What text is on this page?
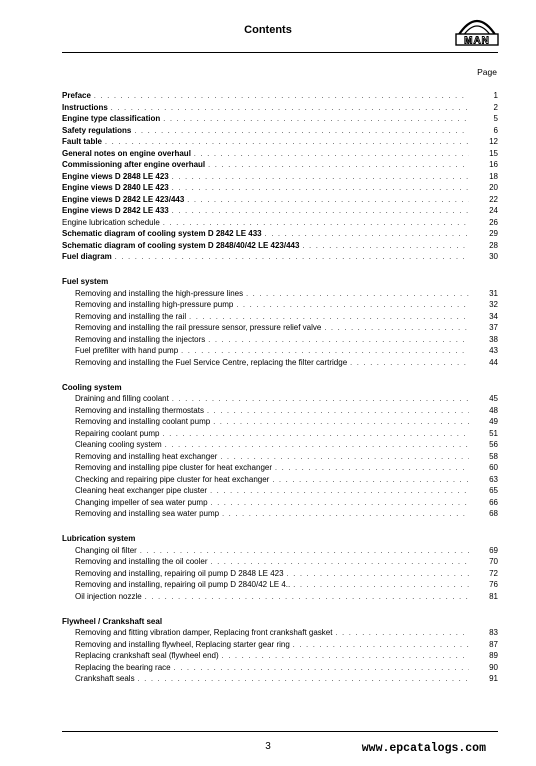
Contents
MAN
Page
Preface . . .	1
Instructions . . .	2
Engine type classification . . .	5
Safety regulations . . .	6
Fault table . . .	12
General notes on engine overhaul . . .	15
Commissioning after engine overhaul . . .	16
Engine views D 2848 LE 423 . . .	18
Engine views D 2840 LE 423 . . .	20
Engine views D 2842 LE 423/443 . . .	22
Engine views D 2842 LE 433 . . .	24
Engine lubrication schedule . . .	26
Schematic diagram of cooling system D 2842 LE 433 . . .	29
Schematic diagram of cooling system D 2848/40/42 LE 423/443 . . .	28
Fuel diagram . . .	30
Fuel system
Removing and installing the high-pressure lines . . .	31
Removing and installing high-pressure pump . . .	32
Removing and installing the rail . . .	34
Removing and installing the rail pressure sensor, pressure relief valve . . .	37
Removing and installing the injectors . . .	38
Fuel prefilter with hand pump . . .	43
Removing and installing the Fuel Service Centre, replacing the filter cartridge . . .	44
Cooling system
Draining and filling coolant . . .	45
Removing and installing thermostats . . .	48
Removing and installing coolant pump . . .	49
Repairing coolant pump . . .	51
Cleaning cooling system . . .	56
Removing and installing heat exchanger . . .	58
Removing and installing pipe cluster for heat exchanger . . .	60
Checking and repairing pipe cluster for heat exchanger . . .	63
Cleaning heat exchanger pipe cluster . . .	65
Changing impeller of sea water pump . . .	66
Removing and installing sea water pump . . .	68
Lubrication system
Changing oil filter . . .	69
Removing and installing the oil cooler . . .	70
Removing and installing, repairing oil pump D 2848 LE 423 . . .	72
Removing and installing, repairing oil pump D 2840/42 LE 4.. . . .	76
Oil injection nozzle . . .	81
Flywheel / Crankshaft seal
Removing and fitting vibration damper, Replacing front crankshaft gasket . . .	83
Removing and installing flywheel, Replacing starter gear ring . . .	87
Replacing crankshaft seal (flywheel end) . . .	89
Replacing the bearing race . . .	90
Crankshaft seals . . .	91
3	www.epcatalogs.com
